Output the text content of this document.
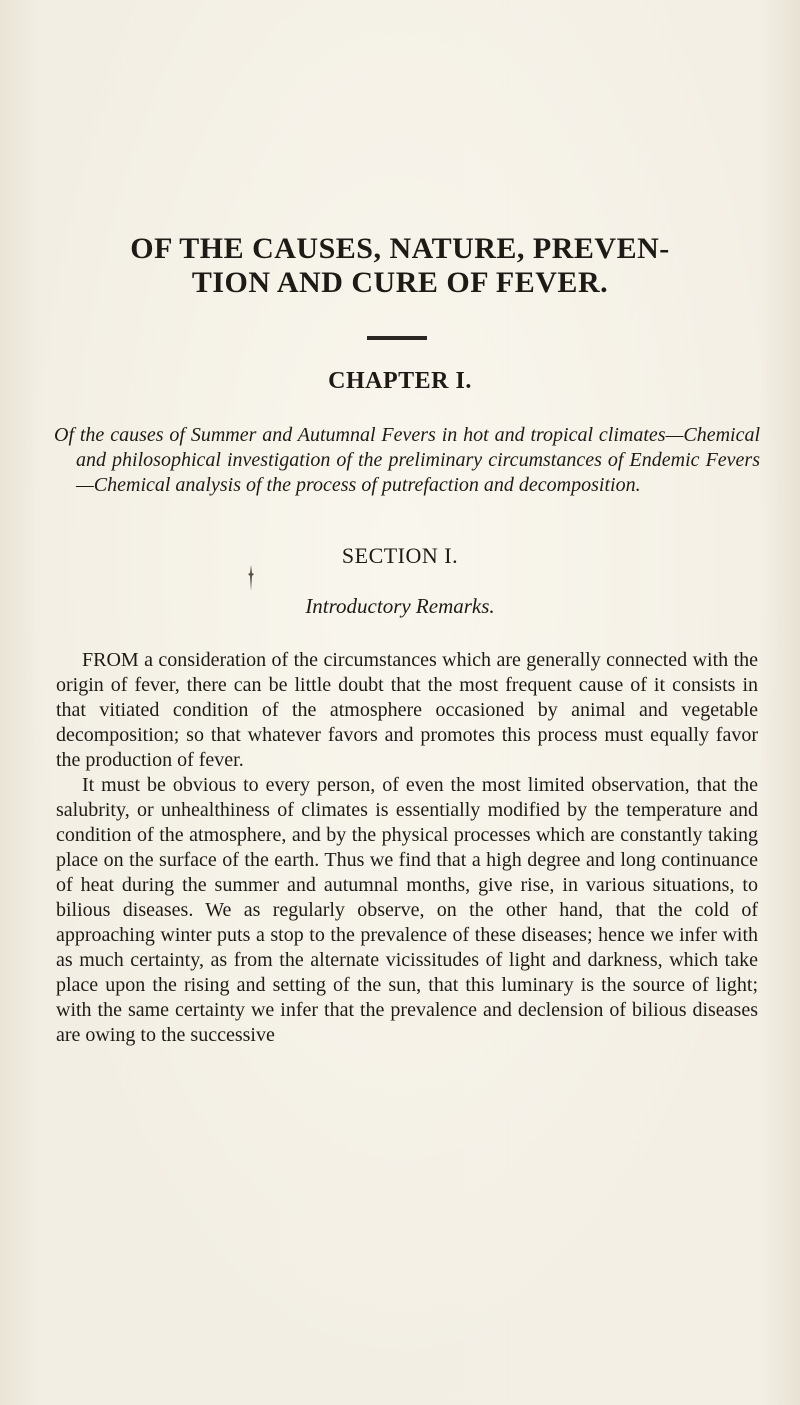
OF THE CAUSES, NATURE, PREVEN-
TION AND CURE OF FEVER.
CHAPTER I.
Of the causes of Summer and Autumnal Fevers in hot and tropical climates—Chemical and philosophical investigation of the preliminary circumstances of Endemic Fevers—Chemical analysis of the process of putrefaction and decomposition.
SECTION I.
Introductory Remarks.

FROM a consideration of the circumstances which are generally connected with the origin of fever, there can be little doubt that the most frequent cause of it consists in that vitiated condition of the atmosphere occasioned by animal and vegetable decomposition; so that whatever favors and promotes this process must equally favor the production of fever.

It must be obvious to every person, of even the most limited observation, that the salubrity, or unhealthiness of climates is essentially modified by the temperature and condition of the atmosphere, and by the physical processes which are constantly taking place on the surface of the earth. Thus we find that a high degree and long continuance of heat during the summer and autumnal months, give rise, in various situations, to bilious diseases. We as regularly observe, on the other hand, that the cold of approaching winter puts a stop to the prevalence of these diseases; hence we infer with as much certainty, as from the alternate vicissitudes of light and darkness, which take place upon the rising and setting of the sun, that this luminary is the source of light; with the same certainty we infer that the prevalence and declension of bilious diseases are owing to the successive
